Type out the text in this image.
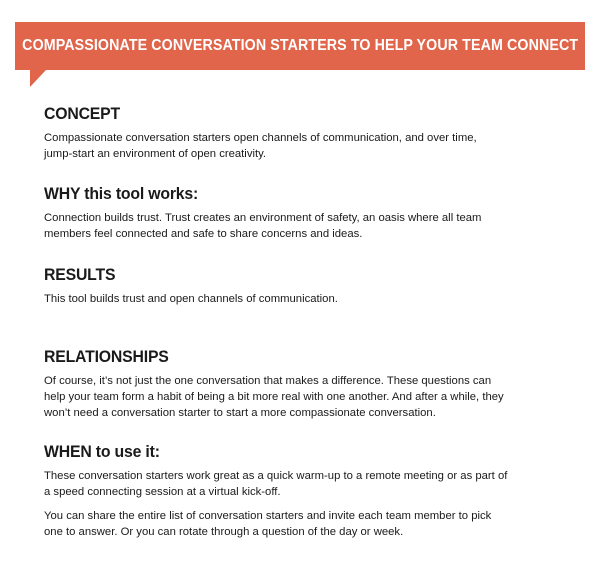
COMPASSIONATE CONVERSATION STARTERS TO HELP YOUR TEAM CONNECT
CONCEPT

Compassionate conversation starters open channels of communication, and over time,
jump-start an environment of open creativity.

WHY this tool works:

Connection builds trust. Trust creates an environment of safety, an oasis where all team
members feel connected and safe to share concerns and ideas.

RESULTS

This tool builds trust and open channels of communication.

RELATIONSHIPS

Of course, it’s not just the one conversation that makes a difference. These questions can
help your team form a habit of being a bit more real with one another. And after a while, they
won’t need a conversation starter to start a more compassionate conversation.

WHEN to use it:

These conversation starters work great as a quick warm-up to a remote meeting or as part of
a speed connecting session at a virtual kick-off.

You can share the entire list of conversation starters and invite each team member to pick
one to answer. Or you can rotate through a question of the day or week.
